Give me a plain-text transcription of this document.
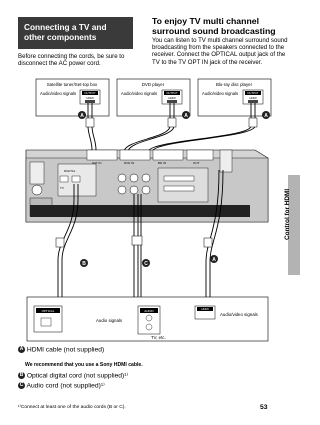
Connecting a TV and other components
Before connecting the cords, be sure to disconnect the AC power cord.
To enjoy TV multi channel surround sound broadcasting
You can listen to TV multi channel surround sound broadcasting from the speakers connected to the receiver. Connect the OPTICAL output jack of the TV to the TV OPT IN jack of the receiver.
Control for HDMI
Satellite tuner/Set-top box
Audio/video signals	OUTPUT
HDMI
DVD player
Audio/video signals	OUTPUT
HDMI
Blu-ray disc player
Audio/video signals	OUTPUT
HDMI
A	A	A
DIGITAL
TV
SAT IN	DVD IN	BD IN	OUT
B	C
A
OPTICAL
Audio signals
AUDIO	HDMI
Audio/video signals
TV, etc.
A HDMI cable (not supplied)
We recommend that you use a Sony HDMI cable.
B Optical digital cord (not supplied)¹⁾
C Audio cord (not supplied)¹⁾
¹⁾Connect at least one of the audio cords (B or C).	53
